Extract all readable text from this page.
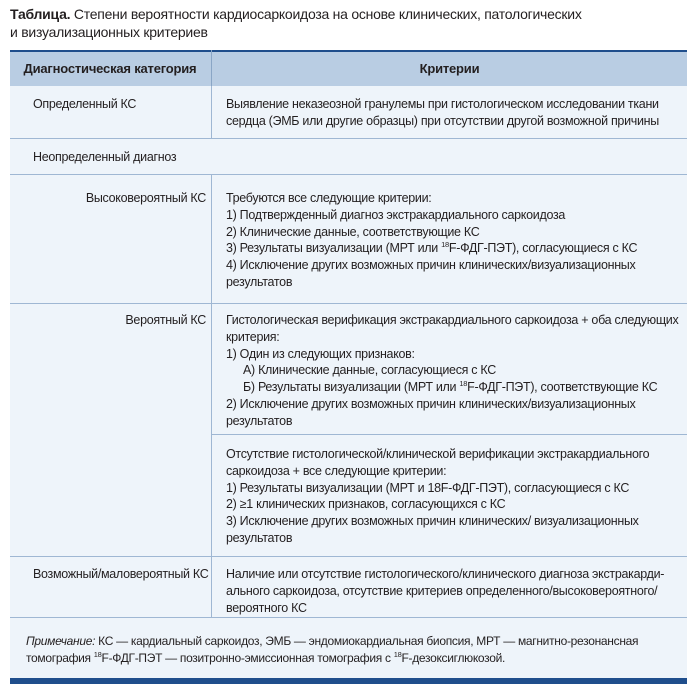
Таблица. Степени вероятности кардиосаркоидоза на основе клинических, патологических
и визуализационных критериев
Диагностическая категория	Критерии
Определенный КС	Выявление неказеозной гранулемы при гистологическом исследовании ткани
сердца (ЭМБ или другие образцы) при отсутствии другой возможной причины
Неопределенный диагноз
Высоковероятный КС Требуются все следующие критерии:
1) Подтвержденный диагноз экстракардиального саркоидоза
2) Клинические данные, соответствующие КС
3) Результаты визуализации (МРТ или $^{18}$F-ФДГ-ПЭТ), согласующиеся с КС
4) Исключение других возможных причин клинических/визуализационных
результатов
Вероятный КС Гистологическая верификация экстракардиального саркоидоза + оба следующих
критерия:
1) Один из следующих признаков:
А) Клинические данные, согласующиеся с КС
Б) Результаты визуализации (МРТ или $^{18}$F-ФДГ-ПЭТ), соответствующие КС
2) Исключение других возможных причин клинических/визуализационных
результатов
Отсутствие гистологической/клинической верификации экстракардиального
саркоидоза + все следующие критерии:
1) Результаты визуализации (МРТ и 18F-ФДГ-ПЭТ), согласующиеся с КС
2) ≥1 клинических признаков, согласующихся с КС
3) Исключение других возможных причин клинических/ визуализационных
результатов
Возможный/маловероятный КС Наличие или отсутствие гистологического/клинического диагноза экстракарди-
ального саркоидоза, отсутствие критериев определенного/высоковероятного/
вероятного КС
Примечание: КС — кардиальный саркоидоз, ЭМБ — эндомиокардиальная биопсия, МРТ — магнитно-резонансная
томография $^{18}$F-ФДГ-ПЭТ — позитронно-эмиссионная томография с $^{18}$F-дезоксиглюкозой.
